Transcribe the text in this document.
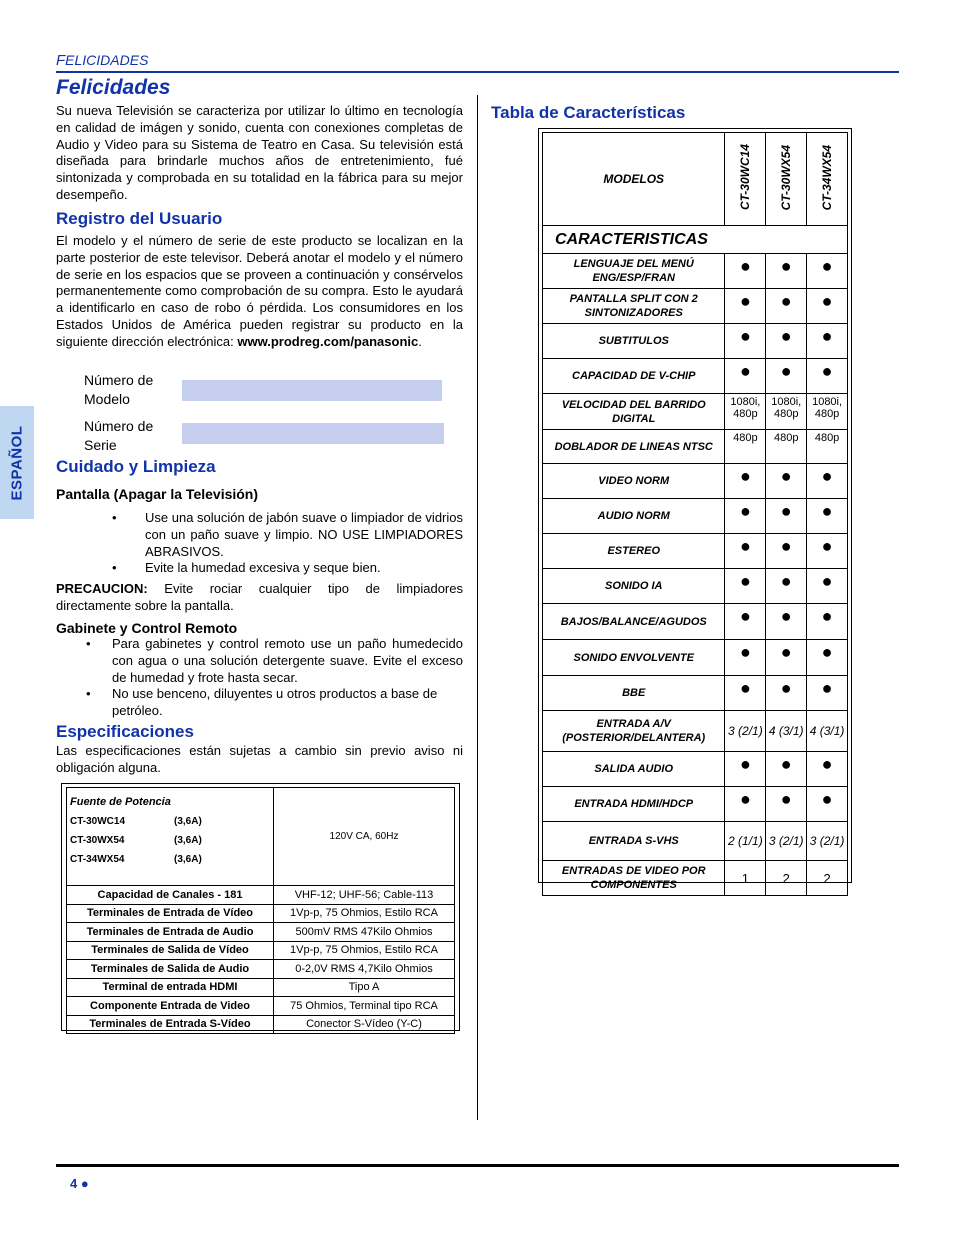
FELICIDADES
ESPAÑOL
4 ●
Felicidades
Su nueva Televisión se caracteriza por utilizar lo último en tecnología en calidad de imágen y sonido, cuenta con conexiones completas de Audio y Video para su Sistema de Teatro en Casa. Su televisión está diseñada para brindarle muchos años de entretenimiento, fué sintonizada y comprobada en su totalidad en la fábrica para su mejor desempeño.
Registro del Usuario
El modelo y el número de serie de este producto se localizan en la parte posterior de este televisor. Deberá anotar el modelo y el número de serie en los espacios que se proveen a continuación y consérvelos permanentemente como comprobación de su compra. Esto le ayudará a identificarlo en caso de robo ó pérdida. Los consumidores en los Estados Unidos de América pueden registrar su producto en la siguiente dirección electrónica: www.prodreg.com/panasonic.
Número de
Modelo
Número de
Serie
Cuidado y Limpieza
Pantalla (Apagar la Televisión)
• Use una solución de jabón suave o limpiador de vidrios con un paño suave y limpio. NO USE LIMPIADORES ABRASIVOS.
• Evite la humedad excesiva y seque bien.
PRECAUCION: Evite rociar cualquier tipo de limpiadores directamente sobre la pantalla.
Gabinete y Control Remoto
• Para gabinetes y control remoto use un paño humedecido con agua o una solución detergente suave. Evite el exceso de humedad y frote hasta secar.
• No use benceno, diluyentes u otros productos a base de petróleo.
Especificaciones
Las especificaciones están sujetas a cambio sin previo aviso ni obligación alguna.
Fuente de Potencia
CT-30WC14 (3,6A)
CT-30WX54 (3,6A)
CT-34WX54 (3,6A)	120V CA, 60Hz
Capacidad de Canales - 181	VHF-12; UHF-56; Cable-113
Terminales de Entrada de Vídeo	1Vp-p, 75 Ohmios, Estilo RCA
Terminales de Entrada de Audio	500mV RMS 47Kilo Ohmios
Terminales de Salida de Vídeo	1Vp-p, 75 Ohmios, Estilo RCA
Terminales de Salida de Audio	0-2,0V RMS 4,7Kilo Ohmios
Terminal de entrada HDMI	Tipo A
Componente Entrada de Video	75 Ohmios, Terminal tipo RCA
Terminales de Entrada S-Vídeo	Conector S-Vídeo (Y-C)
Tabla de Características
MODELOS	CT-30WC14	CT-30WX54	CT-34WX54
CARACTERISTICAS			
LENGUAJE DEL MENÚ ENG/ESP/FRAN	●	●	●
PANTALLA SPLIT CON 2 SINTONIZADORES	●	●	●
SUBTITULOS	●	●	●
CAPACIDAD DE V-CHIP	●	●	●
VELOCIDAD DEL BARRIDO DIGITAL	1080i, 480p	1080i, 480p	1080i, 480p
DOBLADOR DE LINEAS NTSC	480p	480p	480p
VIDEO NORM	●	●	●
AUDIO NORM	●	●	●
ESTEREO	●	●	●
SONIDO IA	●	●	●
BAJOS/BALANCE/AGUDOS	●	●	●
SONIDO ENVOLVENTE	●	●	●
BBE	●	●	●
ENTRADA A/V (POSTERIOR/DELANTERA)	3 (2/1)	4 (3/1)	4 (3/1)
SALIDA AUDIO	●	●	●
ENTRADA HDMI/HDCP	●	●	●
ENTRADA S-VHS	2 (1/1)	3 (2/1)	3 (2/1)
ENTRADAS DE VIDEO POR COMPONENTES	1	2	2
